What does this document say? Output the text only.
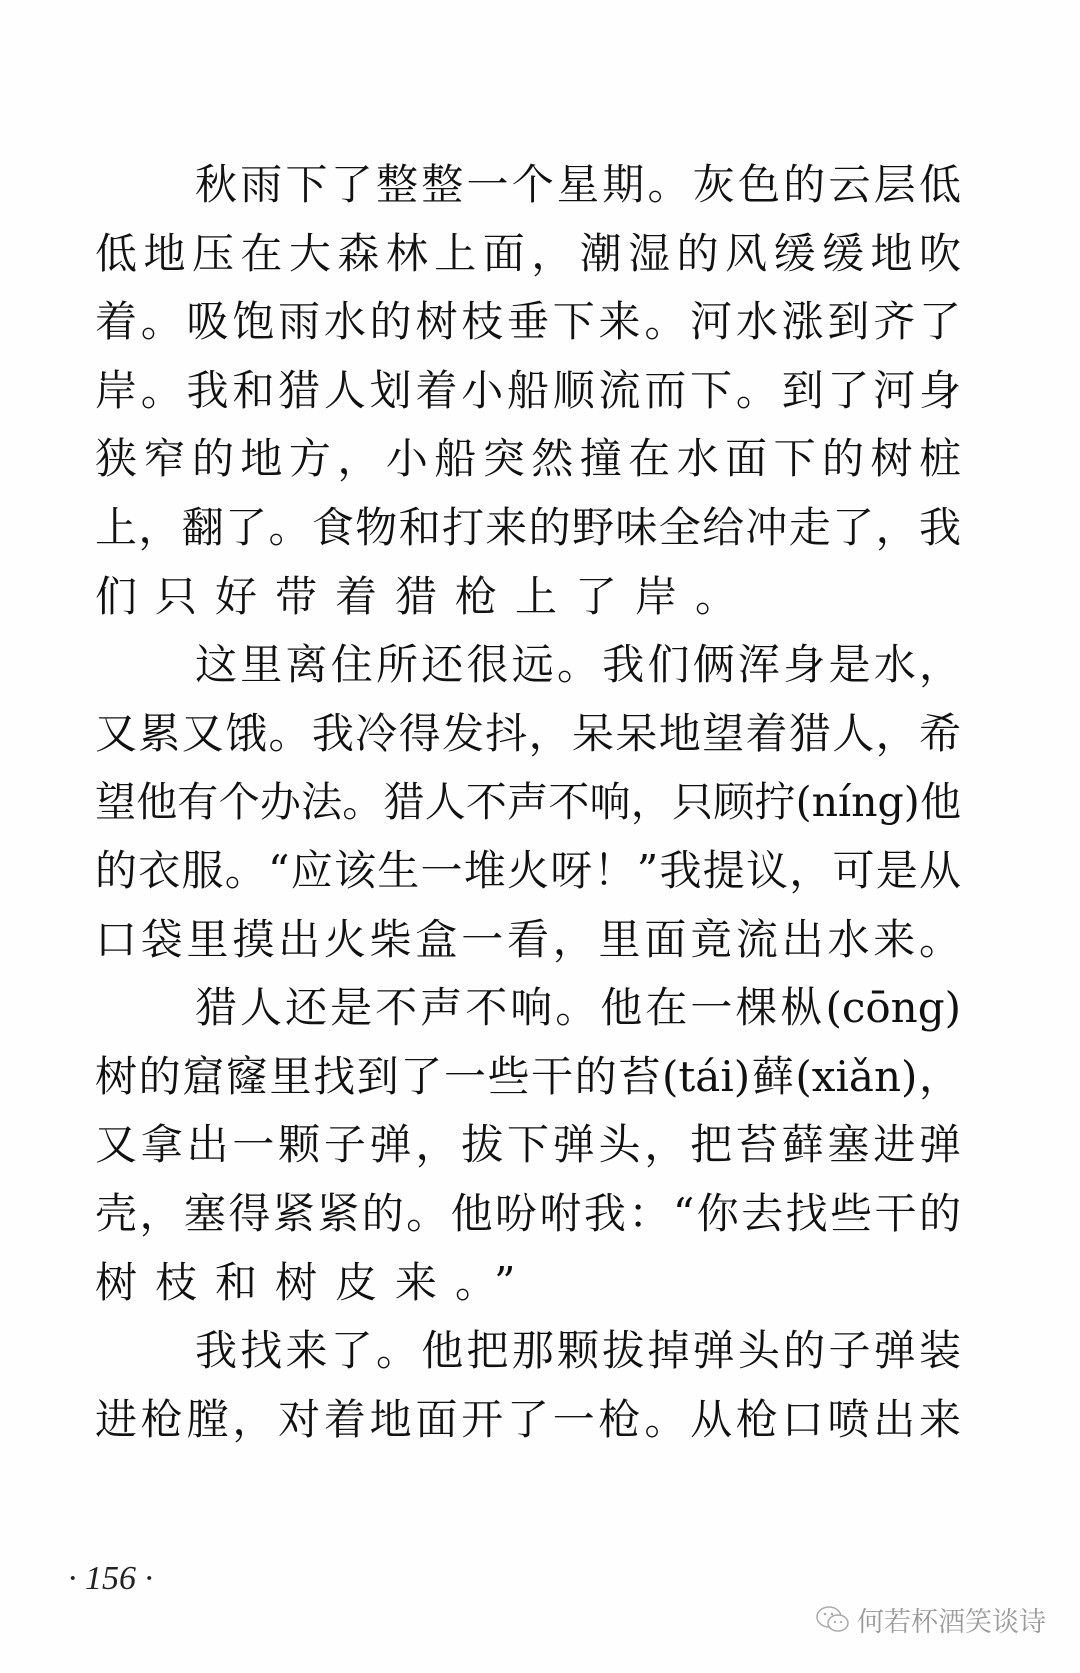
秋雨下了整整一个星期。灰色的云层低
低地压在大森林上面，潮湿的风缓缓地吹
着。吸饱雨水的树枝垂下来。河水涨到齐了
岸。我和猎人划着小船顺流而下。到了河身
狭窄的地方，小船突然撞在水面下的树桩
上，翻了。食物和打来的野味全给冲走了，我
们只好带着猎枪上了岸。
这里离住所还很远。我们俩浑身是水，
又累又饿。我冷得发抖，呆呆地望着猎人，希
望他有个办法。猎人不声不响，只顾拧(níng)他
的衣服。“应该生一堆火呀！”我提议，可是从
口袋里摸出火柴盒一看，里面竟流出水来。
猎人还是不声不响。他在一棵枞(cōng)
树的窟窿里找到了一些干的苔(tái)藓(xiǎn)，
又拿出一颗子弹，拔下弹头，把苔藓塞进弹
壳，塞得紧紧的。他吩咐我：“你去找些干的
树枝和树皮来。”
我找来了。他把那颗拔掉弹头的子弹装
进枪膛，对着地面开了一枪。从枪口喷出来
· 156 ·
何若杯酒笑谈诗
